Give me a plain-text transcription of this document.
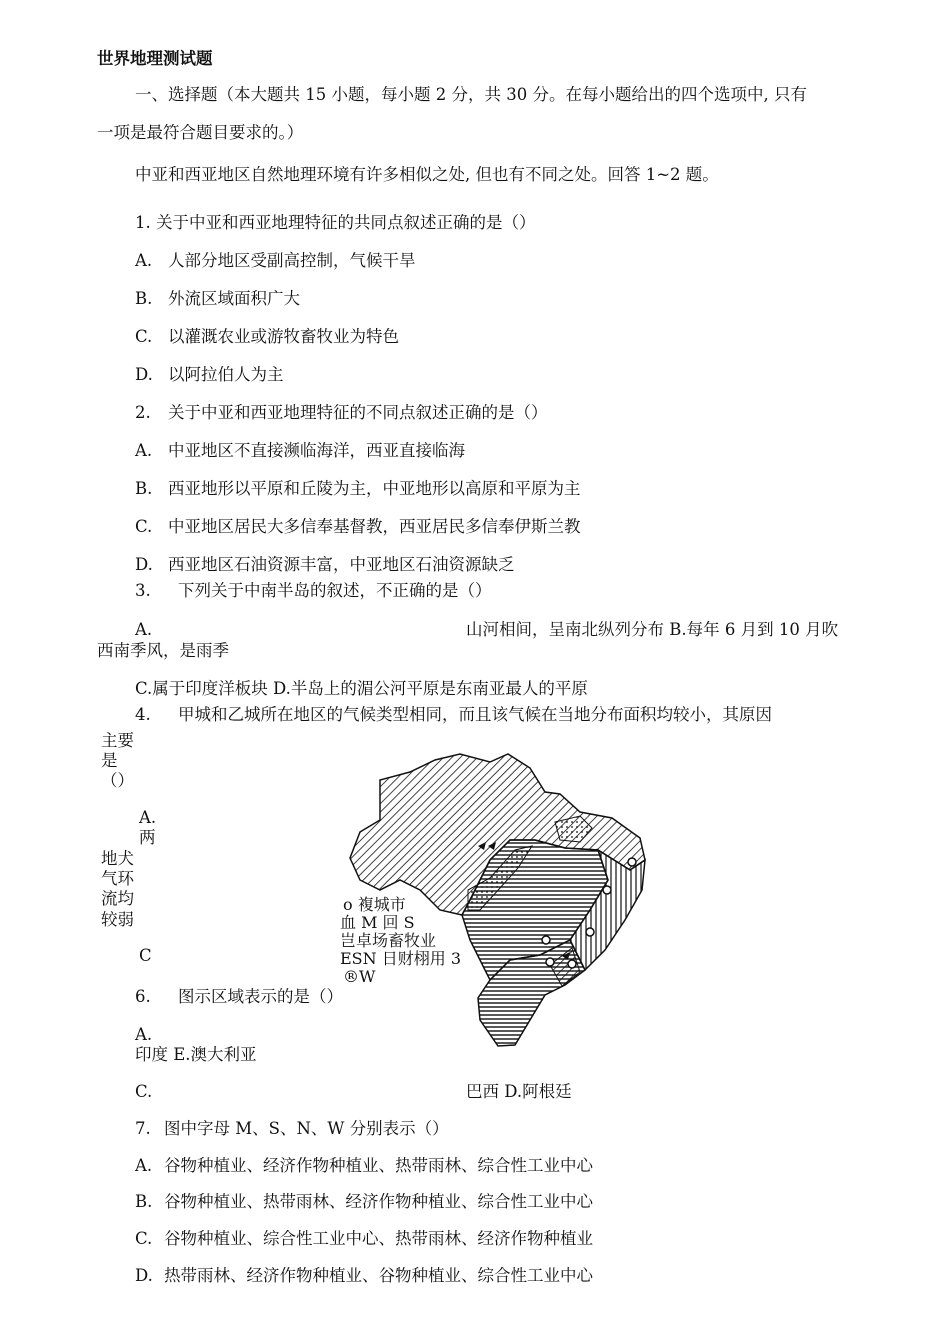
世界地理测试题
一、选择题（本大题共 15 小题，每小题 2 分，共 30 分。在每小题给出的四个选项中, 只有
一项是最符合题目要求的。）
中亚和西亚地区自然地理环境有许多相似之处, 但也有不同之处。回答 1~2 题。
1. 关于中亚和西亚地理特征的共同点叙述正确的是（）
A. 人部分地区受副高控制，气候干旱
B. 外流区域面积广大
C. 以灌溉农业或游牧畜牧业为特色
D. 以阿拉伯人为主
2. 关于中亚和西亚地理特征的不同点叙述正确的是（）
A. 中亚地区不直接濒临海洋，西亚直接临海
B. 西亚地形以平原和丘陵为主，中亚地形以高原和平原为主
C. 中亚地区居民大多信奉基督教，西亚居民多信奉伊斯兰教
D. 西亚地区石油资源丰富，中亚地区石油资源缺乏
3. 下列关于中南半岛的叙述，不正确的是（）
A.	山河相间，呈南北纵列分布 B.每年 6 月到 10 月吹
西南季风，是雨季
C.属于印度洋板块 D.半岛上的湄公河平原是东南亚最人的平原
4. 甲城和乙城所在地区的气候类型相同，而且该气候在当地分布面积均较小，其原因
主要
是
（）
A.
两
地犬
气环
流均
较弱
C
o 複城市
血 M 回 S
岂卓场畜牧业
ESN 日财栩用 3
®W
6. 图示区域表示的是（）
A.
印度 E.澳大利亚
C.	巴西 D.阿根廷
7. 图中字母 M、S、N、W 分别表示（）
A. 谷物种植业、经济作物种植业、热带雨林、综合性工业中心
B. 谷物种植业、热带雨林、经济作物种植业、综合性工业中心
C. 谷物种植业、综合性工业中心、热带雨林、经济作物种植业
D. 热带雨林、经济作物种植业、谷物种植业、综合性工业中心
